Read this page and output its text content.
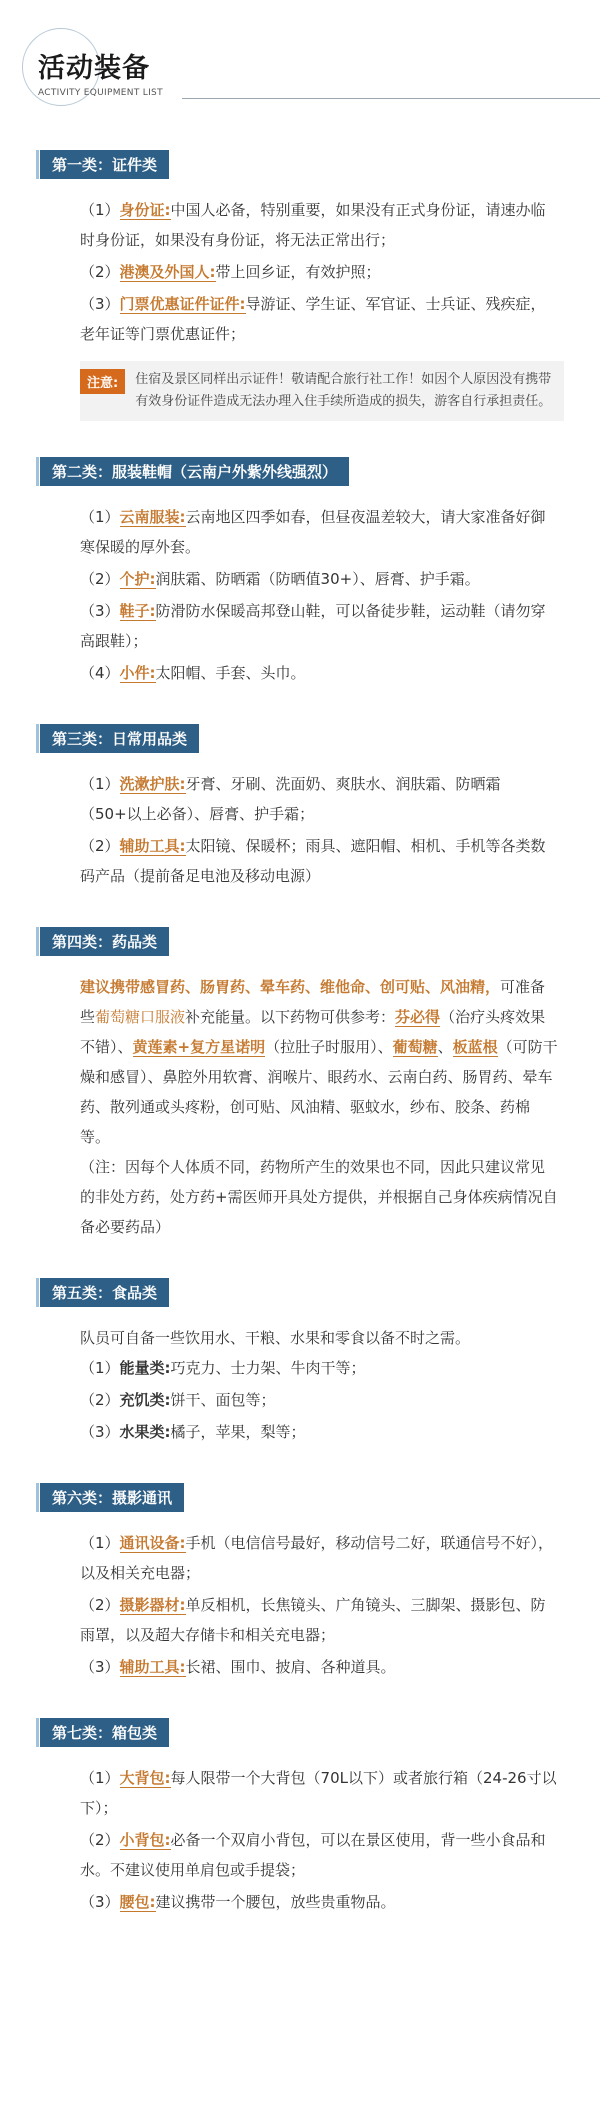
活动装备
ACTIVITY EQUIPMENT LIST
第一类：证件类
（1）身份证:中国人必备，特别重要，如果没有正式身份证，请速办临时身份证，如果没有身份证，将无法正常出行；
（2）港澳及外国人:带上回乡证，有效护照；
（3）门票优惠证件证件:导游证、学生证、军官证、士兵证、残疾症，老年证等门票优惠证件；
注意:	住宿及景区同样出示证件！敬请配合旅行社工作！如因个人原因没有携带有效身份证件造成无法办理入住手续所造成的损失，游客自行承担责任。
第二类：服装鞋帽（云南户外紫外线强烈）
（1）云南服装:云南地区四季如春，但昼夜温差较大，请大家准备好御寒保暖的厚外套。
（2）个护:润肤霜、防晒霜（防晒值30+）、唇膏、护手霜。
（3）鞋子:防滑防水保暖高邦登山鞋，可以备徒步鞋，运动鞋（请勿穿高跟鞋）；
（4）小件:太阳帽、手套、头巾。
第三类：日常用品类
（1）洗漱护肤:牙膏、牙刷、洗面奶、爽肤水、润肤霜、防晒霜（50+以上必备）、唇膏、护手霜；
（2）辅助工具:太阳镜、保暖杯；雨具、遮阳帽、相机、手机等各类数码产品（提前备足电池及移动电源）
第四类：药品类
建议携带感冒药、肠胃药、晕车药、维他命、创可贴、风油精，可准备些葡萄糖口服液补充能量。以下药物可供参考：芬必得（治疗头疼效果不错）、黄莲素+复方星诺明（拉肚子时服用）、葡萄糖、板蓝根（可防干燥和感冒）、鼻腔外用软膏、润喉片、眼药水、云南白药、肠胃药、晕车药、散列通或头疼粉，创可贴、风油精、驱蚊水，纱布、胶条、药棉等。
（注：因每个人体质不同，药物所产生的效果也不同，因此只建议常见的非处方药，处方药+需医师开具处方提供，并根据自己身体疾病情况自备必要药品）
第五类：食品类
队员可自备一些饮用水、干粮、水果和零食以备不时之需。
（1）能量类:巧克力、士力架、牛肉干等；
（2）充饥类:饼干、面包等；
（3）水果类:橘子，苹果，梨等；
第六类：摄影通讯
（1）通讯设备:手机（电信信号最好，移动信号二好，联通信号不好），以及相关充电器；
（2）摄影器材:单反相机，长焦镜头、广角镜头、三脚架、摄影包、防雨罩，以及超大存储卡和相关充电器；
（3）辅助工具:长裙、围巾、披肩、各种道具。
第七类：箱包类
（1）大背包:每人限带一个大背包（70L以下）或者旅行箱（24-26寸以下）；
（2）小背包:必备一个双肩小背包，可以在景区使用，背一些小食品和水。不建议使用单肩包或手提袋；
（3）腰包:建议携带一个腰包，放些贵重物品。
